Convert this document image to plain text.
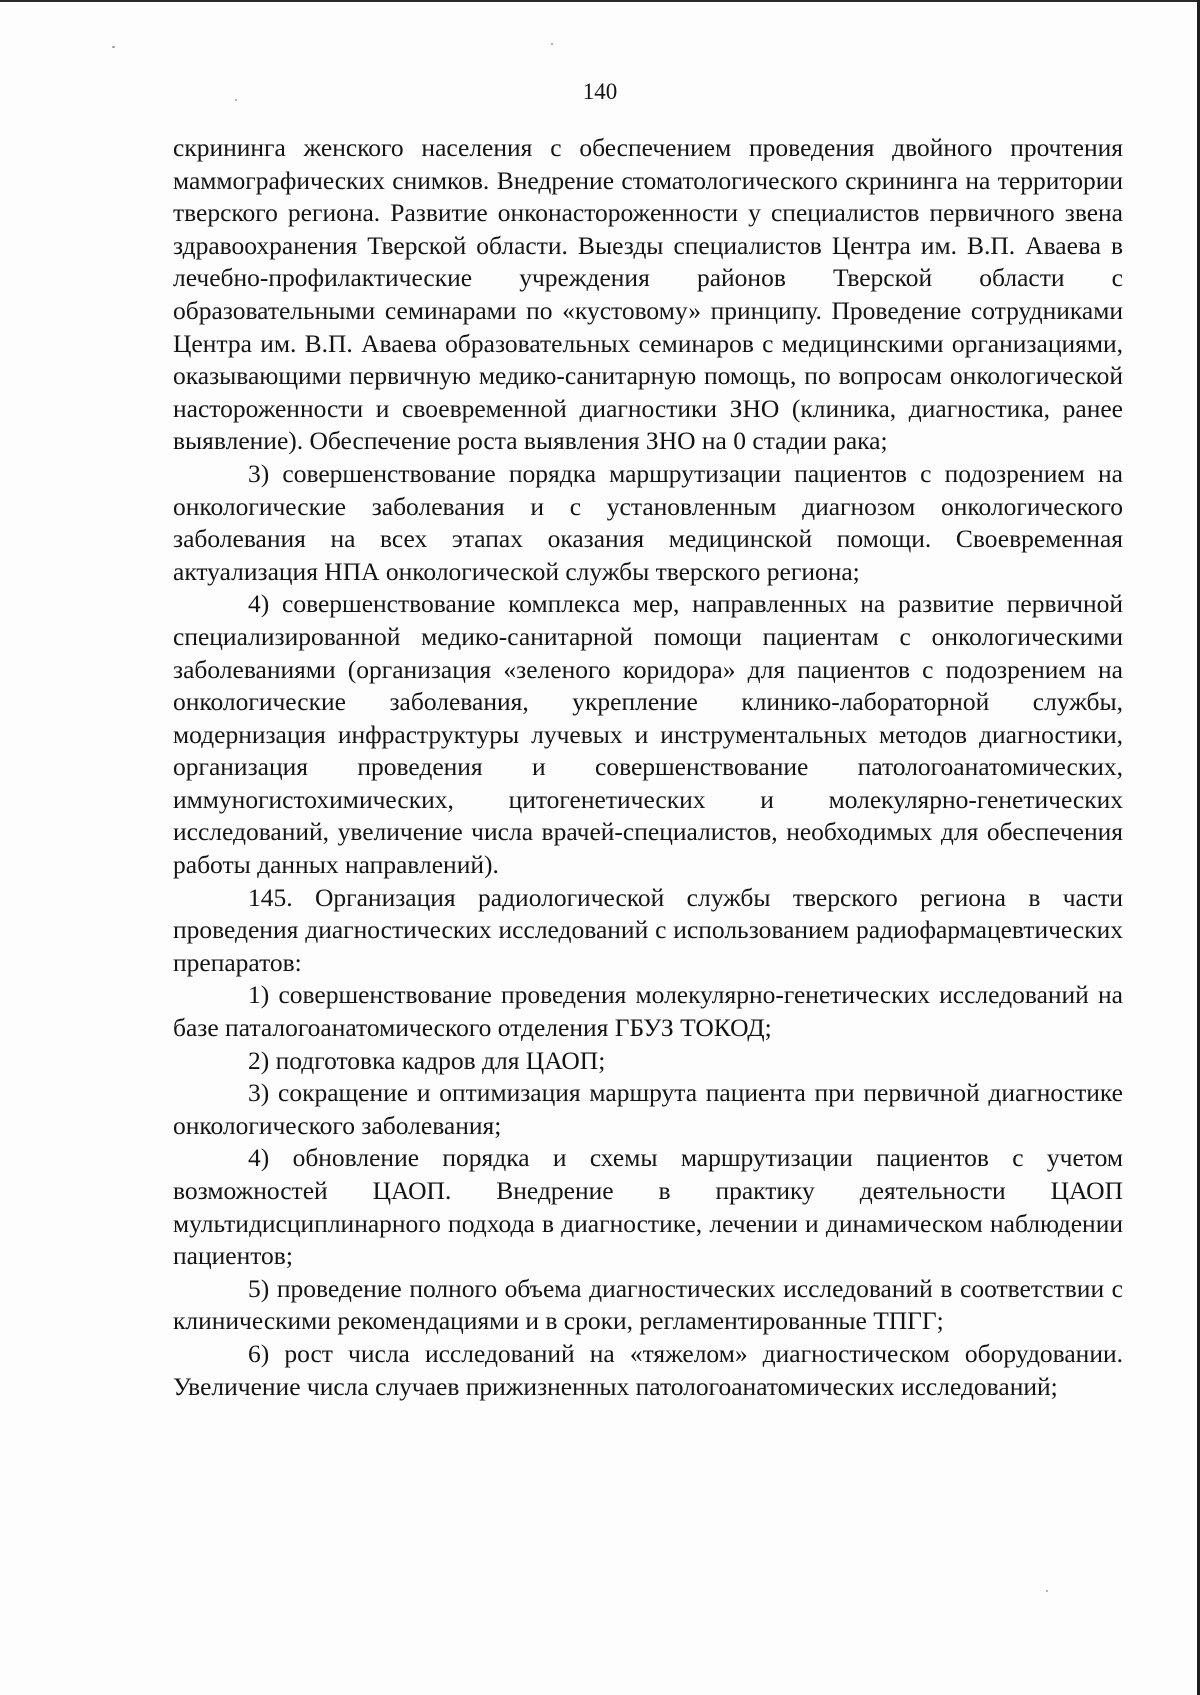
140

скрининга женского населения с обеспечением проведения двойного прочтения маммографических снимков. Внедрение стоматологического скрининга на территории тверского региона. Развитие онконастороженности у специалистов первичного звена здравоохранения Тверской области. Выезды специалистов Центра им. В.П. Аваева в лечебно-профилактические учреждения районов Тверской области с образовательными семинарами по «кустовому» принципу. Проведение сотрудниками Центра им. В.П. Аваева образовательных семинаров с медицинскими организациями, оказывающими первичную медико-санитарную помощь, по вопросам онкологической настороженности и своевременной диагностики ЗНО (клиника, диагностика, ранее выявление). Обеспечение роста выявления ЗНО на 0 стадии рака;

3) совершенствование порядка маршрутизации пациентов с подозрением на онкологические заболевания и с установленным диагнозом онкологического заболевания на всех этапах оказания медицинской помощи. Своевременная актуализация НПА онкологической службы тверского региона;

4) совершенствование комплекса мер, направленных на развитие первичной специализированной медико-санитарной помощи пациентам с онкологическими заболеваниями (организация «зеленого коридора» для пациентов с подозрением на онкологические заболевания, укрепление клинико-лабораторной службы, модернизация инфраструктуры лучевых и инструментальных методов диагностики, организация проведения и совершенствование патологоанатомических, иммуногистохимических, цитогенетических и молекулярно-генетических исследований, увеличение числа врачей-специалистов, необходимых для обеспечения работы данных направлений).

145. Организация радиологической службы тверского региона в части проведения диагностических исследований с использованием радиофармацевтических препаратов:

1) совершенствование проведения молекулярно-генетических исследований на базе паталогоанатомического отделения ГБУЗ ТОКОД;

2) подготовка кадров для ЦАОП;

3) сокращение и оптимизация маршрута пациента при первичной диагностике онкологического заболевания;

4) обновление порядка и схемы маршрутизации пациентов с учетом возможностей ЦАОП. Внедрение в практику деятельности ЦАОП мультидисциплинарного подхода в диагностике, лечении и динамическом наблюдении пациентов;

5) проведение полного объема диагностических исследований в соответствии с клиническими рекомендациями и в сроки, регламентированные ТПГГ;

6) рост числа исследований на «тяжелом» диагностическом оборудовании. Увеличение числа случаев прижизненных патологоанатомических исследований;
